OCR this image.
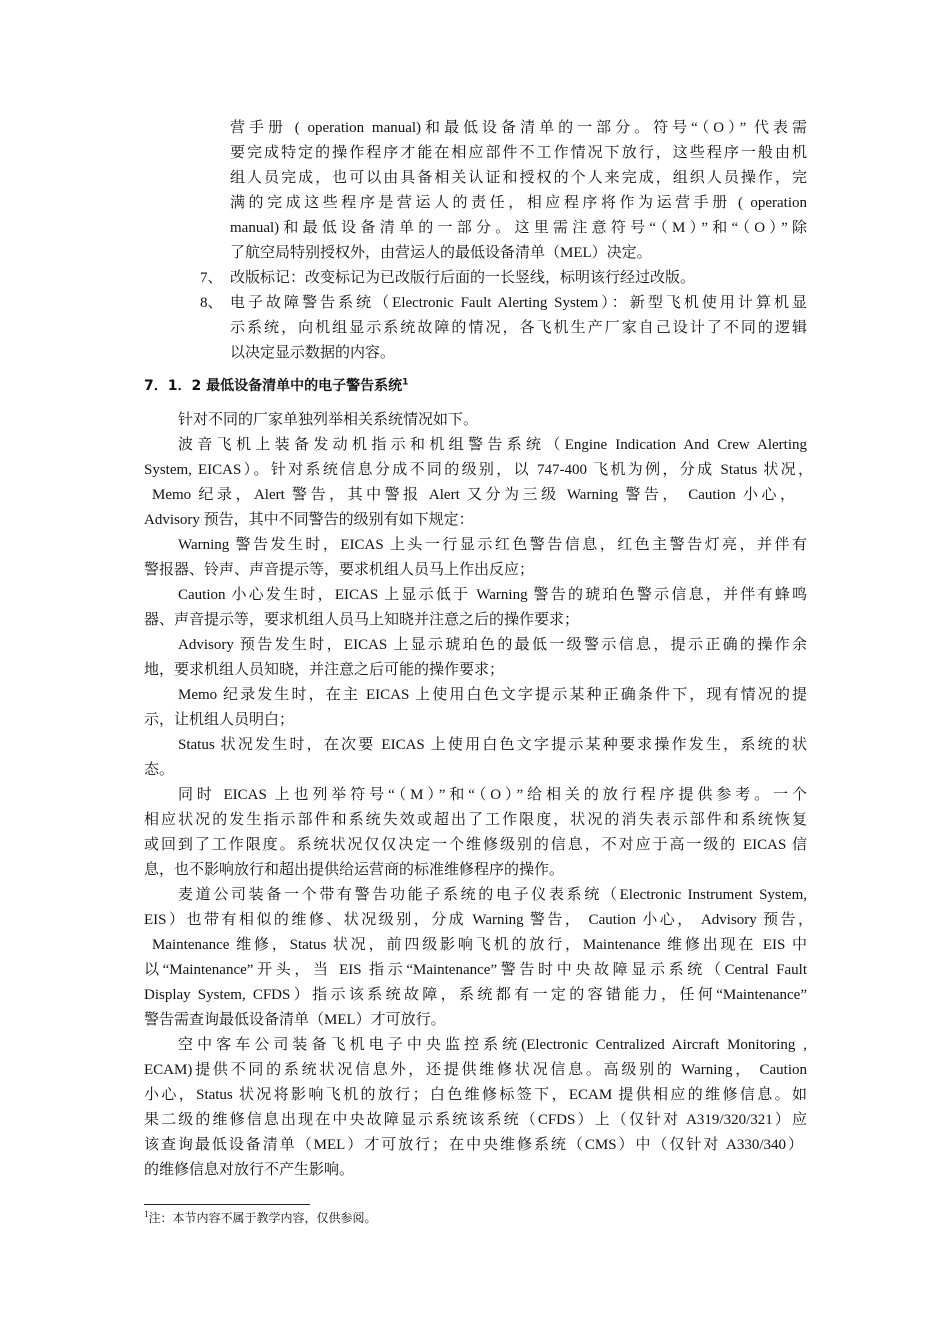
营手册 ( operation manual)和最低设备清单的一部分。符号“（O）” 代表需
要完成特定的操作程序才能在相应部件不工作情况下放行，这些程序一般由机
组人员完成，也可以由具备相关认证和授权的个人来完成，组织人员操作，完
满的完成这些程序是营运人的责任，相应程序将作为运营手册 ( operation
manual)和最低设备清单的一部分。这里需注意符号“（M）”和“（O）”除
了航空局特别授权外，由营运人的最低设备清单（MEL）决定。
7、 改版标记：改变标记为已改版行后面的一长竖线，标明该行经过改版。
8、 电子故障警告系统（Electronic Fault Alerting System）：新型飞机使用计算机显
示系统，向机组显示系统故障的情况，各飞机生产厂家自己设计了不同的逻辑
以决定显示数据的内容。
7．1．2 最低设备清单中的电子警告系统$^1$
针对不同的厂家单独列举相关系统情况如下。
波音飞机上装备发动机指示和机组警告系统（Engine Indication And Crew Alerting
System, EICAS）。针对系统信息分成不同的级别，以 747-400 飞机为例，分成 Status 状况，
Memo 纪录，Alert 警告，其中警报 Alert 又分为三级 Warning 警告， Caution 小心，
Advisory 预告，其中不同警告的级别有如下规定：
Warning 警告发生时，EICAS 上头一行显示红色警告信息，红色主警告灯亮，并伴有
警报器、铃声、声音提示等，要求机组人员马上作出反应；
Caution 小心发生时，EICAS 上显示低于 Warning 警告的琥珀色警示信息，并伴有蜂鸣
器、声音提示等，要求机组人员马上知晓并注意之后的操作要求；
Advisory 预告发生时，EICAS 上显示琥珀色的最低一级警示信息，提示正确的操作余
地，要求机组人员知晓，并注意之后可能的操作要求；
Memo 纪录发生时，在主 EICAS 上使用白色文字提示某种正确条件下，现有情况的提
示，让机组人员明白；
Status 状况发生时，在次要 EICAS 上使用白色文字提示某种要求操作发生，系统的状
态。
同时 EICAS 上也列举符号“（M）”和“（O）”给相关的放行程序提供参考。一个
相应状况的发生指示部件和系统失效或超出了工作限度，状况的消失表示部件和系统恢复
或回到了工作限度。系统状况仅仅决定一个维修级别的信息，不对应于高一级的 EICAS 信
息，也不影响放行和超出提供给运营商的标准维修程序的操作。
麦道公司装备一个带有警告功能子系统的电子仪表系统（Electronic Instrument System,
EIS）也带有相似的维修、状况级别，分成 Warning 警告， Caution 小心， Advisory 预告，
Maintenance 维修，Status 状况，前四级影响飞机的放行，Maintenance 维修出现在 EIS 中
以“Maintenance”开头，当 EIS 指示“Maintenance”警告时中央故障显示系统（Central Fault
Display System, CFDS）指示该系统故障，系统都有一定的容错能力，任何“Maintenance”
警告需查询最低设备清单（MEL）才可放行。
空中客车公司装备飞机电子中央监控系统(Electronic Centralized Aircraft Monitoring ,
ECAM)提供不同的系统状况信息外，还提供维修状况信息。高级别的 Warning， Caution
小心，Status 状况将影响飞机的放行；白色维修标签下，ECAM 提供相应的维修信息。如
果二级的维修信息出现在中央故障显示系统该系统（CFDS）上（仅针对 A319/320/321）应
该查询最低设备清单（MEL）才可放行；在中央维修系统（CMS）中（仅针对 A330/340）
的维修信息对放行不产生影响。
$^1$注：本节内容不属于教学内容，仅供参阅。
